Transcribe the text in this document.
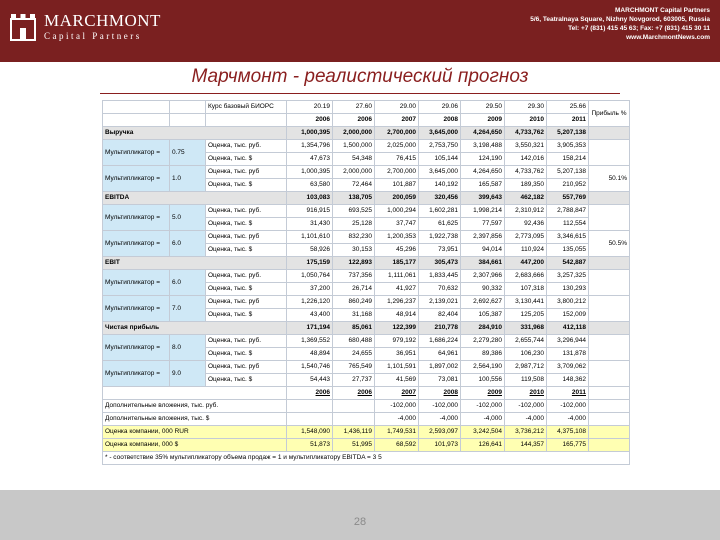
MARCHMONT
Capital Partners
MARCHMONT Capital Partners
5/6, Teatralnaya Square, Nizhny Novgorod, 603005, Russia
Tel: +7 (831) 415 45 63; Fax: +7 (831) 415 30 11
www.MarchmontNews.com
Марчмонт - реалистический прогноз
		Курс базовый БИОРС	20.19	27.60	29.00	29.06	29.50	29.30	25.66	Прибыль %
			2006	2006	2007	2008	2009	2010	2011	
Выручка			1,000,395	2,000,000	2,700,000	3,645,000	4,264,650	4,733,762	5,207,138	
Мультипликатор =	0.75	Оценка, тыс. руб.	1,354,796	1,500,000	2,025,000	2,753,750	3,198,488	3,550,321	3,905,353	
		Оценка, тыс. $	47,673	54,348	76,415	105,144	124,190	142,016	158,214	
Мультипликатор =	1.0	Оценка, тыс. руб	1,000,395	2,000,000	2,700,000	3,645,000	4,264,650	4,733,762	5,207,138	50.1%
		Оценка, тыс. $	63,580	72,464	101,887	140,192	165,587	189,350	210,952	
EBITDA			103,083	138,705	200,059	320,456	399,643	462,182	557,769	
Мультипликатор =	5.0	Оценка, тыс. руб.	916,915	693,525	1,000,294	1,602,281	1,998,214	2,310,912	2,788,847	
		Оценка, тыс. $	31,430	25,128	37,747	61,625	77,597	92,436	112,554	
Мультипликатор =	6.0	Оценка, тыс. руб	1,101,610	832,230	1,200,353	1,922,738	2,397,856	2,773,095	3,346,615	50.5%
		Оценка, тыс. $	58,926	30,153	45,296	73,951	94,014	110,924	135,055	
EBIT			175,159	122,893	185,177	305,473	384,661	447,200	542,887	
Мультипликатор =	6.0	Оценка, тыс. руб.	1,050,764	737,356	1,111,061	1,833,445	2,307,966	2,683,666	3,257,325	
		Оценка, тыс. $	37,200	26,714	41,927	70,632	90,332	107,318	130,293	
Мультипликатор =	7.0	Оценка, тыс. руб	1,226,120	860,249	1,296,237	2,139,021	2,692,627	3,130,441	3,800,212	
		Оценка, тыс. $	43,400	31,168	48,914	82,404	105,387	125,205	152,009	
Чистая прибыль			171,194	85,061	122,399	210,778	284,910	331,968	412,118	
Мультипликатор =	8.0	Оценка, тыс. руб.	1,369,552	680,488	979,192	1,686,224	2,279,280	2,655,744	3,296,944	
		Оценка, тыс. $	48,894	24,655	36,951	64,961	89,386	106,230	131,878	
Мультипликатор =	9.0	Оценка, тыс. руб	1,540,746	765,549	1,101,591	1,897,002	2,564,190	2,987,712	3,709,062	
		Оценка, тыс. $	54,443	27,737	41,569	73,081	100,556	119,508	148,362	
			2006	2006	2007	2008	2009	2010	2011	
Дополнительные вложения, тыс. руб.					-102,000	-102,000	-102,000	-102,000	-102,000	
Дополнительные вложения, тыс. $					-4,000	-4,000	-4,000	-4,000	-4,000	
Оценка компании, 000 RUR			1,548,090	1,436,119	1,749,531	2,593,097	3,242,504	3,736,212	4,375,108	
Оценка компании, 000 $			51,873	51,995	68,592	101,973	126,641	144,357	165,775	
* - соответствие 35% мультипликатору объема продаж = 1 и мультипликатору EBITDA = 3 5										
28
